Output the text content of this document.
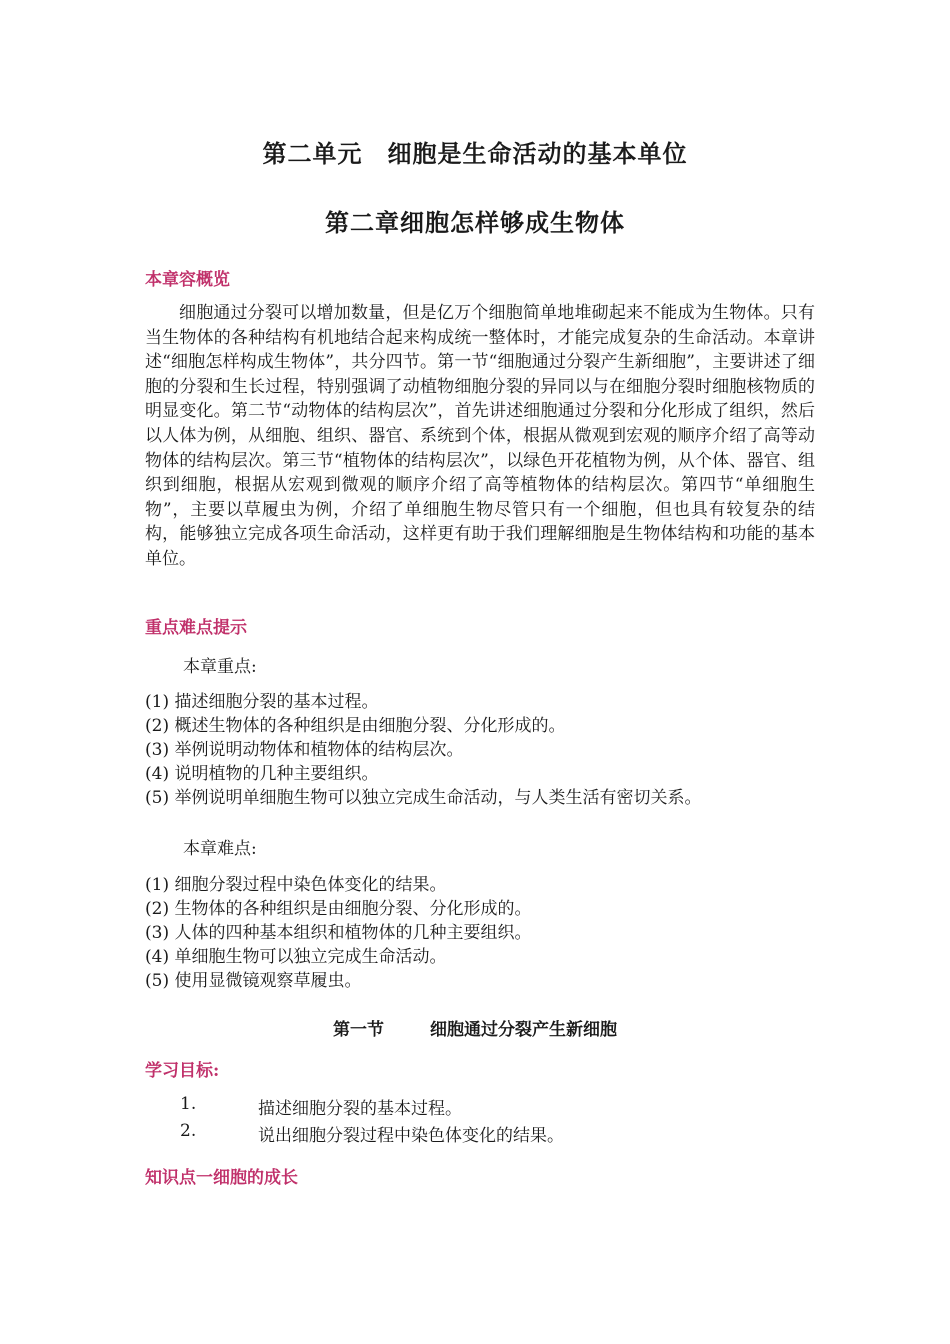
第二单元　细胞是生命活动的基本单位
第二章细胞怎样够成生物体
本章容概览

细胞通过分裂可以增加数量，但是亿万个细胞简单地堆砌起来不能成为生物体。只有当生物体的各种结构有机地结合起来构成统一整体时，才能完成复杂的生命活动。本章讲述“细胞怎样构成生物体”，共分四节。第一节“细胞通过分裂产生新细胞”，主要讲述了细胞的分裂和生长过程，特别强调了动植物细胞分裂的异同以与在细胞分裂时细胞核物质的明显变化。第二节“动物体的结构层次”，首先讲述细胞通过分裂和分化形成了组织，然后以人体为例，从细胞、组织、器官、系统到个体，根据从微观到宏观的顺序介绍了高等动物体的结构层次。第三节“植物体的结构层次”，以绿色开花植物为例，从个体、器官、组织到细胞，根据从宏观到微观的顺序介绍了高等植物体的结构层次。第四节“单细胞生物”，主要以草履虫为例，介绍了单细胞生物尽管只有一个细胞，但也具有较复杂的结构，能够独立完成各项生命活动，这样更有助于我们理解细胞是生物体结构和功能的基本单位。

重点难点提示
本章重点:
(1) 描述细胞分裂的基本过程。
(2) 概述生物体的各种组织是由细胞分裂、分化形成的。
(3) 举例说明动物体和植物体的结构层次。
(4) 说明植物的几种主要组织。
(5) 举例说明单细胞生物可以独立完成生命活动，与人类生活有密切关系。
本章难点:
(1) 细胞分裂过程中染色体变化的结果。
(2) 生物体的各种组织是由细胞分裂、分化形成的。
(3) 人体的四种基本组织和植物体的几种主要组织。
(4) 单细胞生物可以独立完成生命活动。
(5) 使用显微镜观察草履虫。
第一节	细胞通过分裂产生新细胞
学习目标:
1.	描述细胞分裂的基本过程。
2.	说出细胞分裂过程中染色体变化的结果。
知识点一细胞的成长
